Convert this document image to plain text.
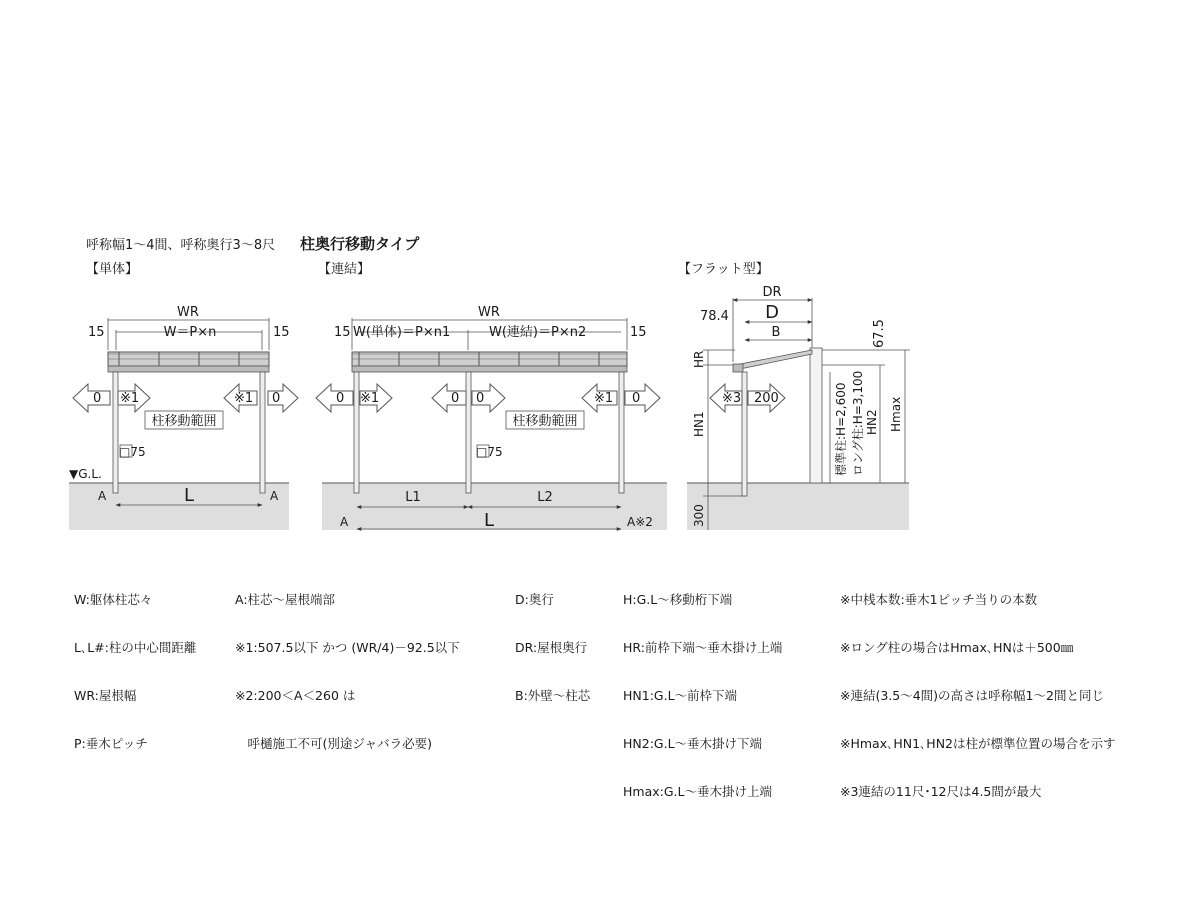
呼称幅1～4間、呼称奥行3～8尺 柱奥行移動タイプ
【単体】
▼G.L.
WR
W＝P×n
15	15
0 ※1	※1 0
柱移動範囲
□75
L
A	A
【連結】
WR
W(単体)＝P×n1	W(連結)＝P×n2
15	15
0 ※1	0 0	※1 0
柱移動範囲
□75
L1	L2
L
A	A※2
【フラット型】
DR
D
B
78.4
67.5
HR
HN1
300
※3 200
HN2 Hmax
標準柱:H=2,600 ロング柱:H=3,100

W:躯体柱芯々

L､L#:柱の中心間距離

WR:屋根幅

P:垂木ピッチ

A:柱芯～屋根端部

※1:507.5以下 かつ (WR/4)－92.5以下

※2:200＜A＜260 は

　呼樋施工不可(別途ジャバラ必要)

D:奥行

DR:屋根奥行

B:外壁～柱芯

H:G.L～移動桁下端

HR:前枠下端～垂木掛け上端

HN1:G.L～前枠下端

HN2:G.L～垂木掛け下端

Hmax:G.L～垂木掛け上端

※中桟本数:垂木1ピッチ当りの本数

※ロング柱の場合はHmax､HNは＋500㎜

※連結(3.5～4間)の高さは呼称幅1～2間と同じ

※Hmax､HN1､HN2は柱が標準位置の場合を示す

※3連結の11尺･12尺は4.5間が最大
